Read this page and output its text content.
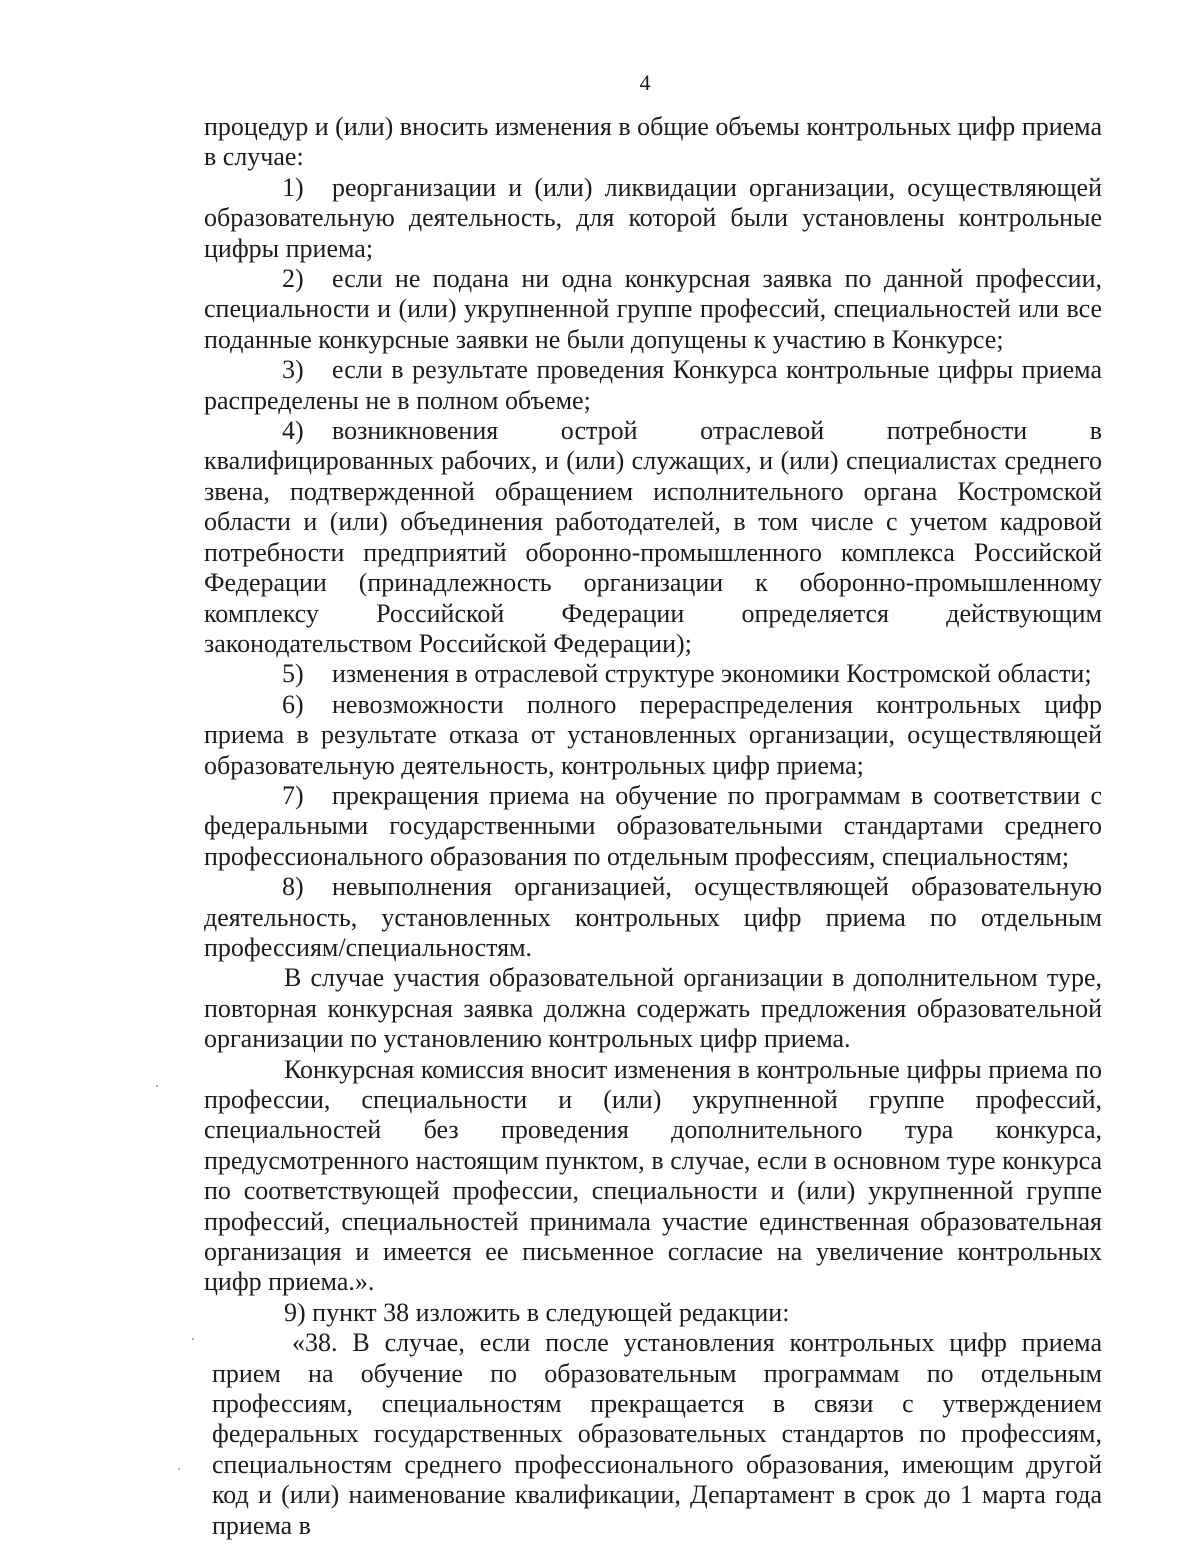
4

процедур и (или) вносить изменения в общие объемы контрольных цифр приема в случае:

1) реорганизации и (или) ликвидации организации, осуществляющей образовательную деятельность, для которой были установлены контрольные цифры приема;

2) если не подана ни одна конкурсная заявка по данной профессии, специальности и (или) укрупненной группе профессий, специальностей или все поданные конкурсные заявки не были допущены к участию в Конкурсе;

3) если в результате проведения Конкурса контрольные цифры приема распределены не в полном объеме;

4) возникновения острой отраслевой потребности в квалифицированных рабочих, и (или) служащих, и (или) специалистах среднего звена, подтвержденной обращением исполнительного органа Костромской области и (или) объединения работодателей, в том числе с учетом кадровой потребности предприятий оборонно-промышленного комплекса Российской Федерации (принадлежность организации к оборонно-промышленному комплексу Российской Федерации определяется действующим законодательством Российской Федерации);

5) изменения в отраслевой структуре экономики Костромской области;

6) невозможности полного перераспределения контрольных цифр приема в результате отказа от установленных организации, осуществляющей образовательную деятельность, контрольных цифр приема;

7) прекращения приема на обучение по программам в соответствии с федеральными государственными образовательными стандартами среднего профессионального образования по отдельным профессиям, специальностям;

8) невыполнения организацией, осуществляющей образовательную деятельность, установленных контрольных цифр приема по отдельным профессиям/специальностям.

В случае участия образовательной организации в дополнительном туре, повторная конкурсная заявка должна содержать предложения образовательной организации по установлению контрольных цифр приема.

Конкурсная комиссия вносит изменения в контрольные цифры приема по профессии, специальности и (или) укрупненной группе профессий, специальностей без проведения дополнительного тура конкурса, предусмотренного настоящим пунктом, в случае, если в основном туре конкурса по соответствующей профессии, специальности и (или) укрупненной группе профессий, специальностей принимала участие единственная образовательная организация и имеется ее письменное согласие на увеличение контрольных цифр приема.».

9) пункт 38 изложить в следующей редакции:

«38. В случае, если после установления контрольных цифр приема прием на обучение по образовательным программам по отдельным профессиям, специальностям прекращается в связи с утверждением федеральных государственных образовательных стандартов по профессиям, специальностям среднего профессионального образования, имеющим другой код и (или) наименование квалификации, Департамент в срок до 1 марта года приема в
